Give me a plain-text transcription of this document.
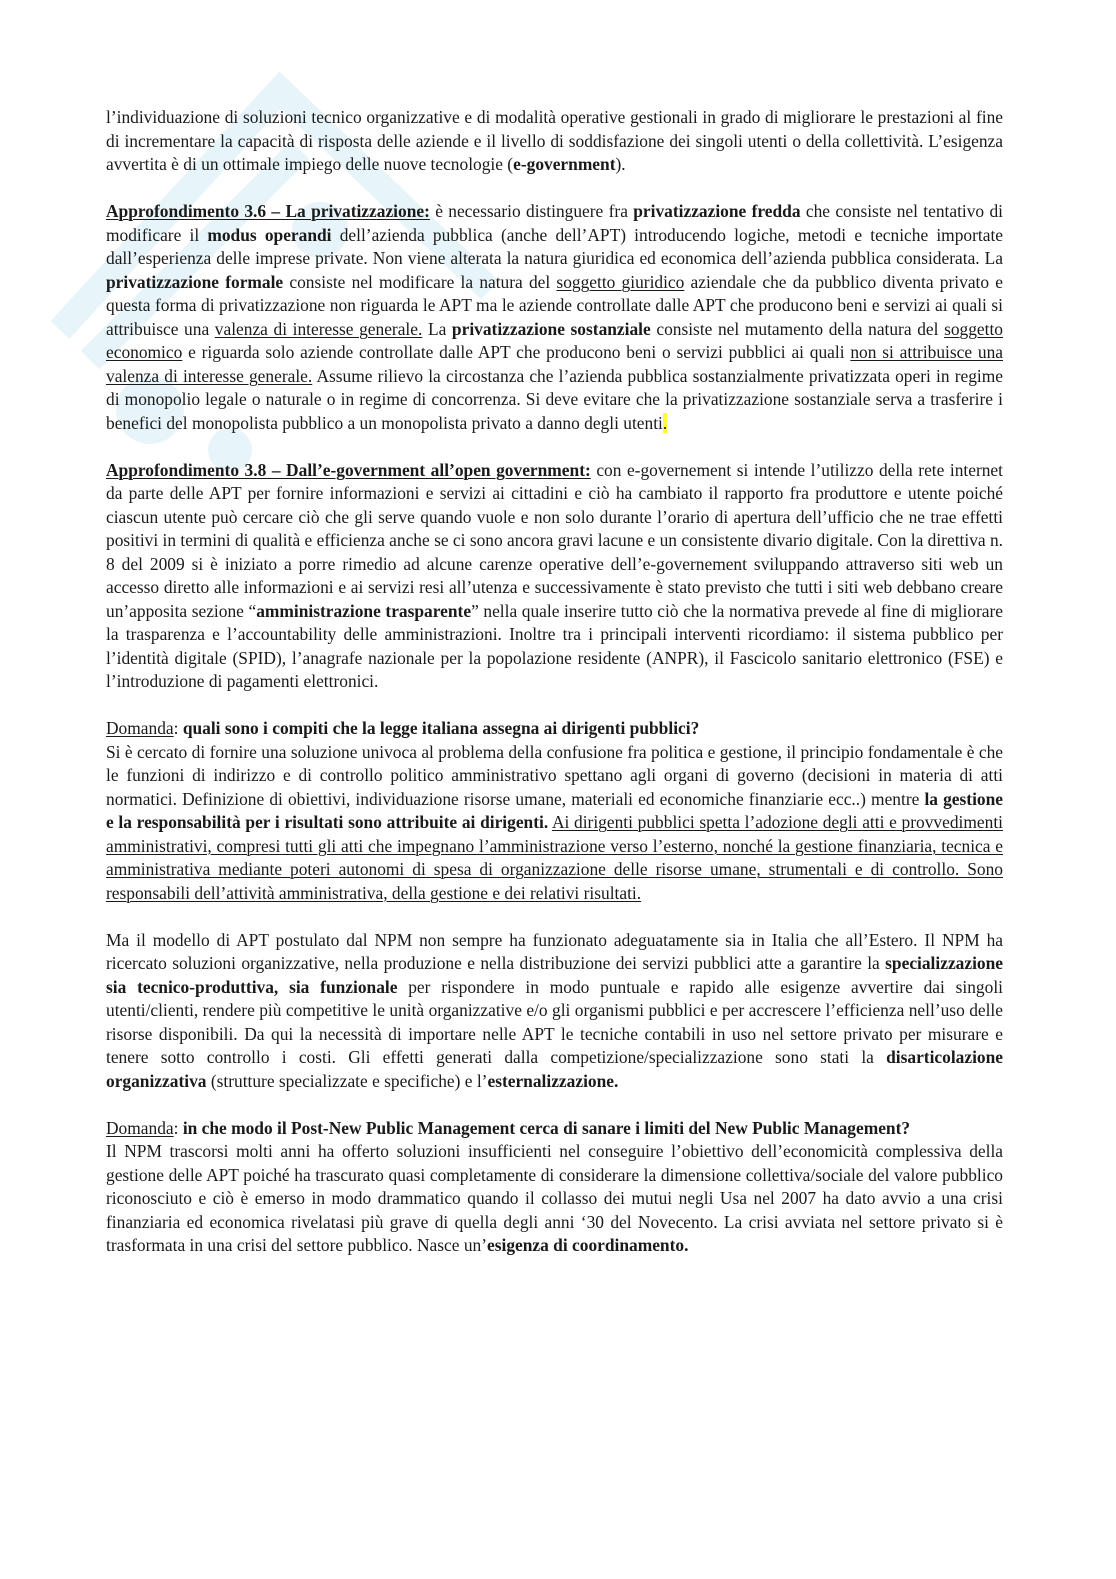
l’individuazione di soluzioni tecnico organizzative e di modalità operative gestionali in grado di migliorare le prestazioni al fine di incrementare la capacità di risposta delle aziende e il livello di soddisfazione dei singoli utenti o della collettività. L’esigenza avvertita è di un ottimale impiego delle nuove tecnologie (e-government).

Approfondimento 3.6 – La privatizzazione: è necessario distinguere fra privatizzazione fredda che consiste nel tentativo di modificare il modus operandi dell’azienda pubblica (anche dell’APT) introducendo logiche, metodi e tecniche importate dall’esperienza delle imprese private. Non viene alterata la natura giuridica ed economica dell’azienda pubblica considerata. La privatizzazione formale consiste nel modificare la natura del soggetto giuridico aziendale che da pubblico diventa privato e questa forma di privatizzazione non riguarda le APT ma le aziende controllate dalle APT che producono beni e servizi ai quali si attribuisce una valenza di interesse generale. La privatizzazione sostanziale consiste nel mutamento della natura del soggetto economico e riguarda solo aziende controllate dalle APT che producono beni o servizi pubblici ai quali non si attribuisce una valenza di interesse generale. Assume rilievo la circostanza che l’azienda pubblica sostanzialmente privatizzata operi in regime di monopolio legale o naturale o in regime di concorrenza. Si deve evitare che la privatizzazione sostanziale serva a trasferire i benefici del monopolista pubblico a un monopolista privato a danno degli utenti.

Approfondimento 3.8 – Dall’e-government all’open government: con e-governement si intende l’utilizzo della rete internet da parte delle APT per fornire informazioni e servizi ai cittadini e ciò ha cambiato il rapporto fra produttore e utente poiché ciascun utente può cercare ciò che gli serve quando vuole e non solo durante l’orario di apertura dell’ufficio che ne trae effetti positivi in termini di qualità e efficienza anche se ci sono ancora gravi lacune e un consistente divario digitale. Con la direttiva n. 8 del 2009 si è iniziato a porre rimedio ad alcune carenze operative dell’e-governement sviluppando attraverso siti web un accesso diretto alle informazioni e ai servizi resi all’utenza e successivamente è stato previsto che tutti i siti web debbano creare un’apposita sezione “amministrazione trasparente” nella quale inserire tutto ciò che la normativa prevede al fine di migliorare la trasparenza e l’accountability delle amministrazioni. Inoltre tra i principali interventi ricordiamo: il sistema pubblico per l’identità digitale (SPID), l’anagrafe nazionale per la popolazione residente (ANPR), il Fascicolo sanitario elettronico (FSE) e l’introduzione di pagamenti elettronici.

Domanda: quali sono i compiti che la legge italiana assegna ai dirigenti pubblici?

Si è cercato di fornire una soluzione univoca al problema della confusione fra politica e gestione, il principio fondamentale è che le funzioni di indirizzo e di controllo politico amministrativo spettano agli organi di governo (decisioni in materia di atti normatici. Definizione di obiettivi, individuazione risorse umane, materiali ed economiche finanziarie ecc..) mentre la gestione e la responsabilità per i risultati sono attribuite ai dirigenti. Ai dirigenti pubblici spetta l’adozione degli atti e provvedimenti amministrativi, compresi tutti gli atti che impegnano l’amministrazione verso l’esterno, nonché la gestione finanziaria, tecnica e amministrativa mediante poteri autonomi di spesa di organizzazione delle risorse umane, strumentali e di controllo. Sono responsabili dell’attività amministrativa, della gestione e dei relativi risultati.

Ma il modello di APT postulato dal NPM non sempre ha funzionato adeguatamente sia in Italia che all’Estero. Il NPM ha ricercato soluzioni organizzative, nella produzione e nella distribuzione dei servizi pubblici atte a garantire la specializzazione sia tecnico-produttiva, sia funzionale per rispondere in modo puntuale e rapido alle esigenze avvertire dai singoli utenti/clienti, rendere più competitive le unità organizzative e/o gli organismi pubblici e per accrescere l’efficienza nell’uso delle risorse disponibili. Da qui la necessità di importare nelle APT le tecniche contabili in uso nel settore privato per misurare e tenere sotto controllo i costi. Gli effetti generati dalla competizione/specializzazione sono stati la disarticolazione organizzativa (strutture specializzate e specifiche) e l’esternalizzazione.

Domanda: in che modo il Post-New Public Management cerca di sanare i limiti del New Public Management?

Il NPM trascorsi molti anni ha offerto soluzioni insufficienti nel conseguire l’obiettivo dell’economicità complessiva della gestione delle APT poiché ha trascurato quasi completamente di considerare la dimensione collettiva/sociale del valore pubblico riconosciuto e ciò è emerso in modo drammatico quando il collasso dei mutui negli Usa nel 2007 ha dato avvio a una crisi finanziaria ed economica rivelatasi più grave di quella degli anni ‘30 del Novecento. La crisi avviata nel settore privato si è trasformata in una crisi del settore pubblico. Nasce un’esigenza di coordinamento.
